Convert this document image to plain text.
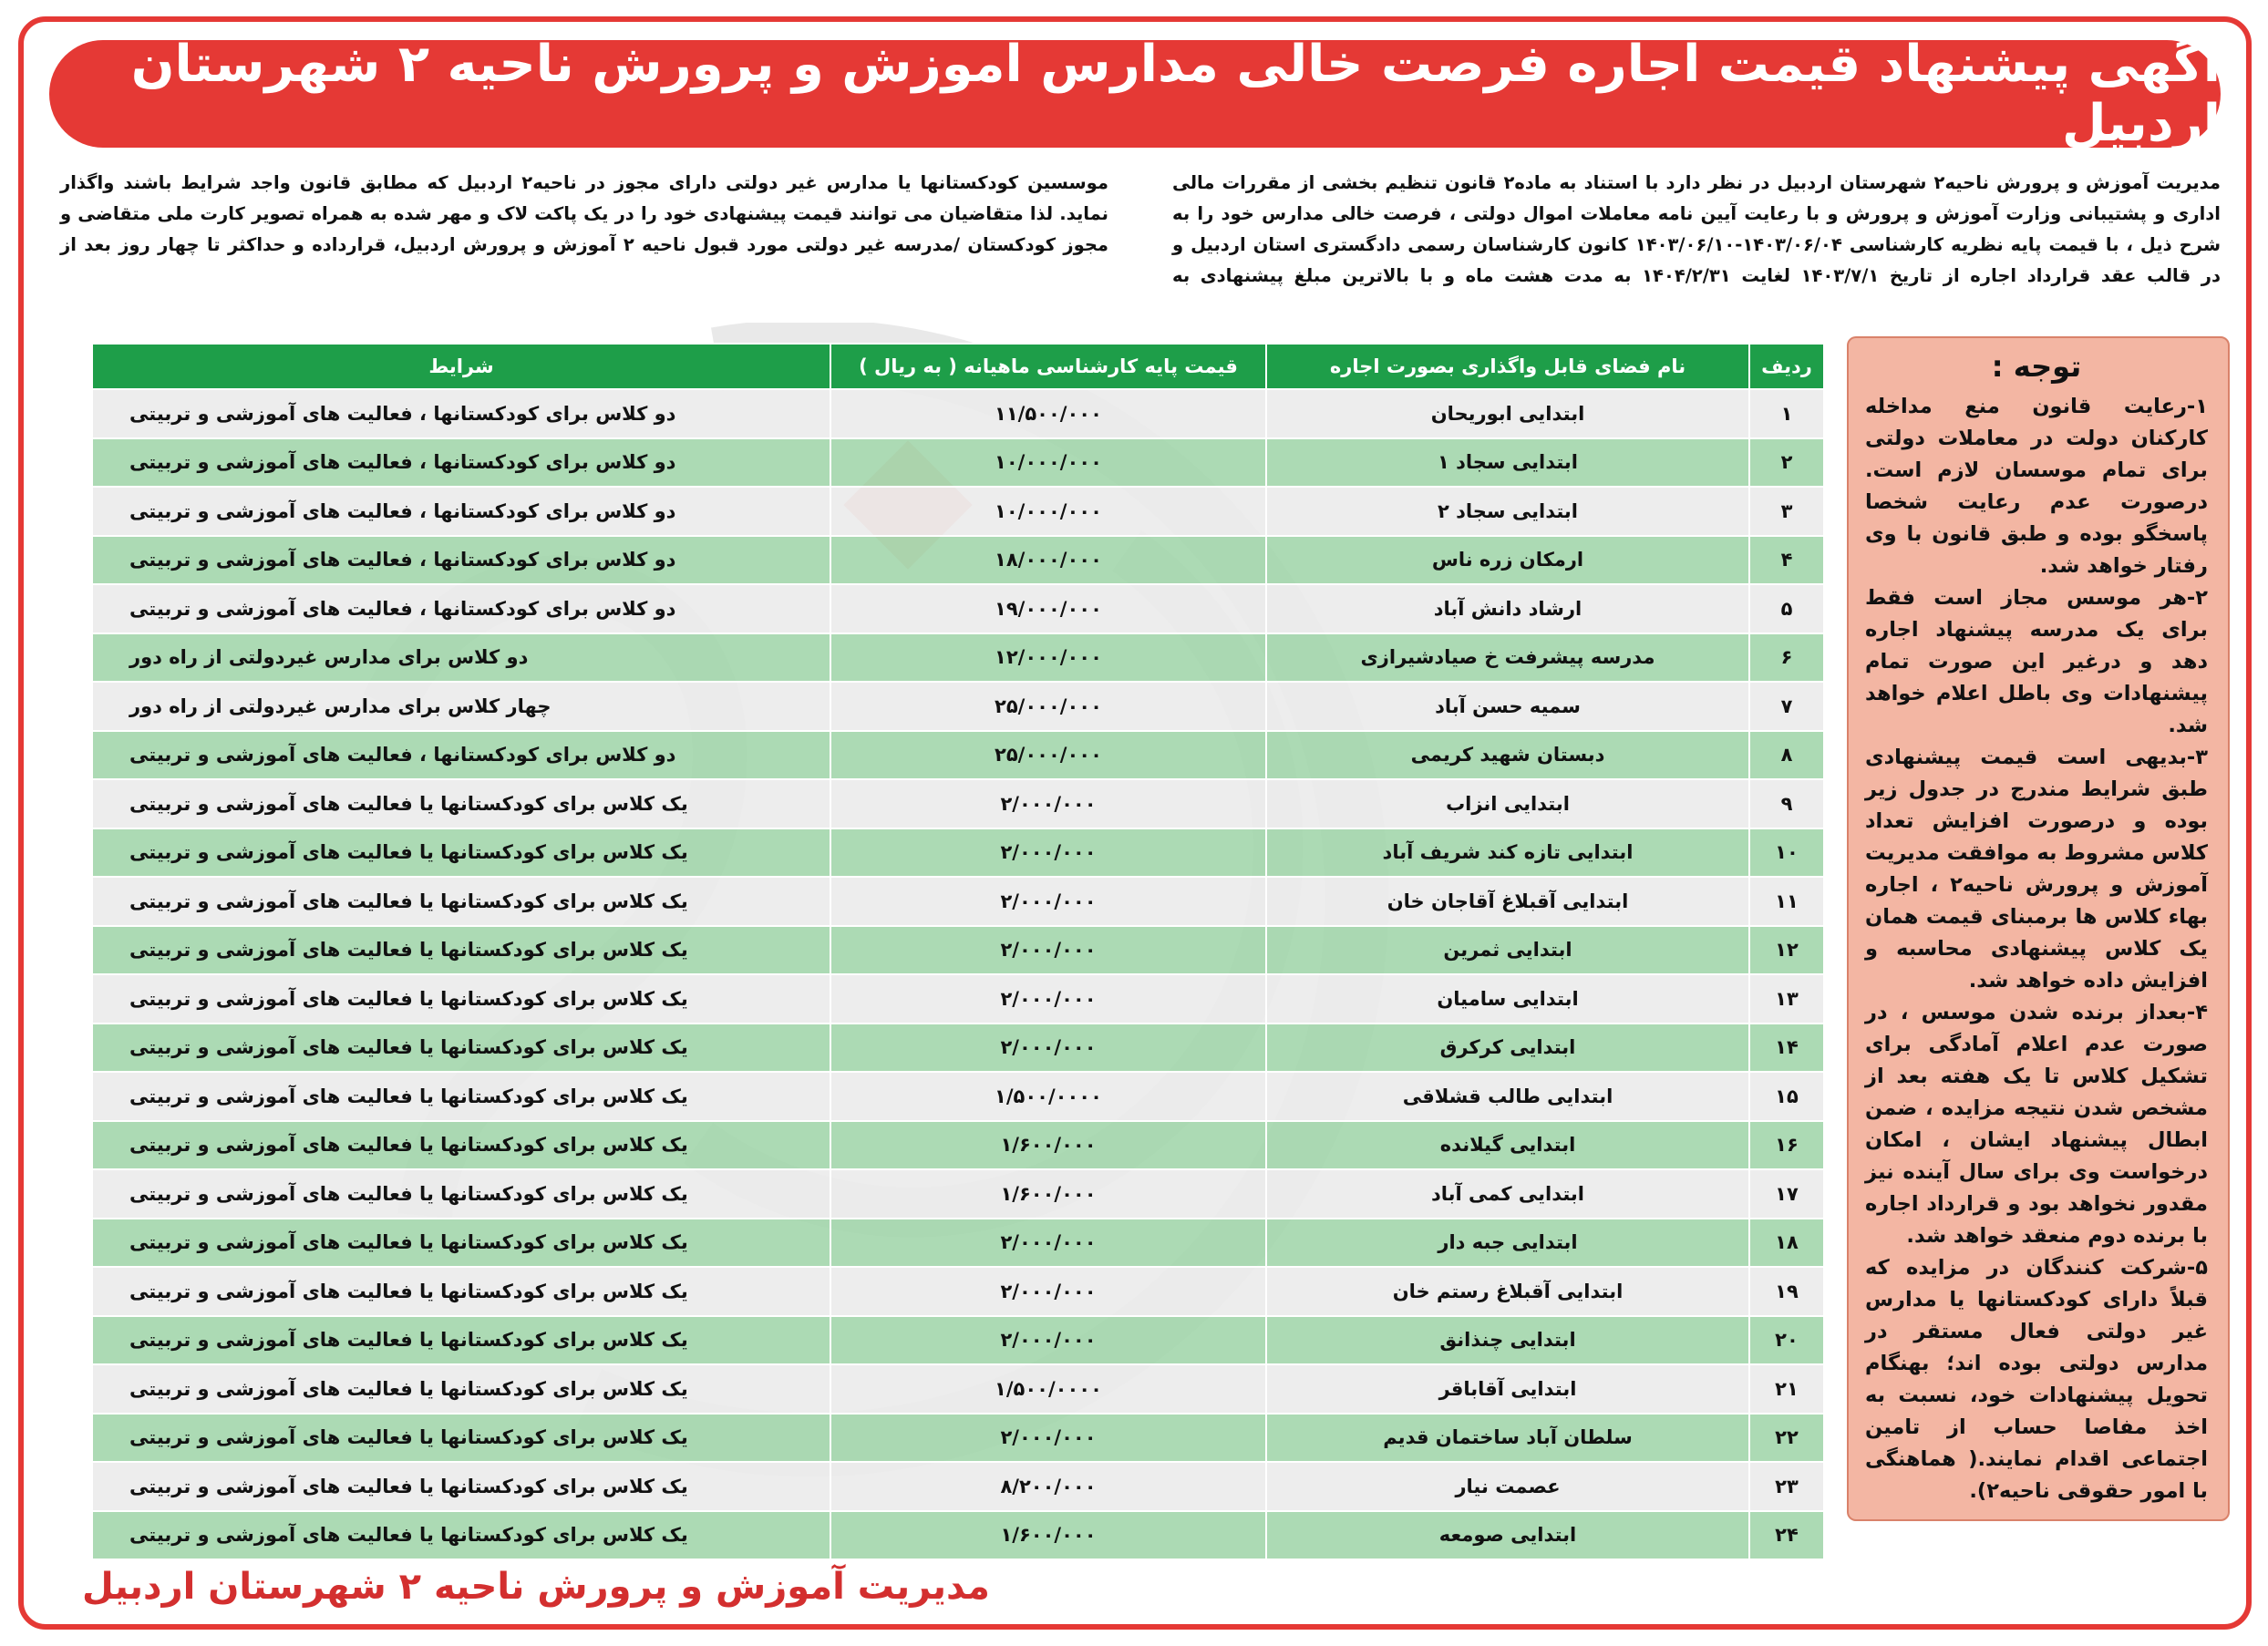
آگهی پیشنهاد قیمت اجاره فرصت خالی مدارس آموزش و پرورش ناحیه ۲ شهرستان اردبیل
مدیریت آموزش و پرورش ناحیه۲ شهرستان اردبیل در نظر دارد با استناد به ماده۲ قانون تنظیم بخشی از مقررات مالی اداری و پشتیبانی وزارت آموزش و پرورش و با رعایت آیین نامه معاملات اموال دولتی ، فرصت خالی مدارس خود را به شرح ذیل ، با قیمت پایه نظریه کارشناسی ۱۴۰۳/۰۶/۰۴-۱۴۰۳/۰۶/۱۰ کانون کارشناسان رسمی دادگستری استان اردبیل و در قالب عقد قرارداد اجاره از تاریخ ۱۴۰۳/۷/۱ لغایت ۱۴۰۴/۲/۳۱ به مدت هشت ماه و با بالاترین مبلغ پیشنهادی به موسسین کودکستانها یا مدارس غیر دولتی دارای مجوز در ناحیه۲ اردبیل که مطابق قانون واجد شرایط باشند واگذار نماید. لذا متقاضیان می توانند قیمت پیشنهادی خود را در یک پاکت لاک و مهر شده به همراه تصویر کارت ملی متقاضی و مجوز کودکستان /مدرسه غیر دولتی مورد قبول ناحیه ۲ آموزش و پرورش اردبیل، قرارداده و حداکثر تا چهار روز بعد از
توجه :
۱-رعایت قانون منع مداخله کارکنان دولت در معاملات دولتی برای تمام موسسان لازم است. درصورت عدم رعایت شخصا پاسخگو بوده و طبق قانون با وی رفتار خواهد شد.
۲-هر موسس مجاز است فقط برای یک مدرسه پیشنهاد اجاره دهد و درغیر این صورت تمام پیشنهادات وی باطل اعلام خواهد شد.
۳-بدیهی است قیمت پیشنهادی طبق شرایط مندرج در جدول زیر بوده و درصورت افزایش تعداد کلاس مشروط به موافقت مدیریت آموزش و پرورش ناحیه۲ ، اجاره بهاء کلاس ها برمبنای قیمت همان یک کلاس پیشنهادی محاسبه و افزایش داده خواهد شد.
۴-بعداز برنده شدن موسس ، در صورت عدم اعلام آمادگی برای تشکیل کلاس تا یک هفته بعد از مشخص شدن نتیجه مزایده ، ضمن ابطال پیشنهاد ایشان ، امکان درخواست وی برای سال آینده نیز مقدور نخواهد بود و قرارداد اجاره با برنده دوم منعقد خواهد شد.
۵-شرکت کنندگان در مزایده که قبلاً دارای کودکستانها یا مدارس غیر دولتی فعال مستقر در مدارس دولتی بوده اند؛ بهنگام تحویل پیشنهادات خود، نسبت به اخذ مفاصا حساب از تامین اجتماعی اقدام نمایند.( هماهنگی با امور حقوقی ناحیه۲).
ردیف	نام فضای قابل واگذاری بصورت اجاره	قیمت پایه کارشناسی ماهیانه ( به ریال )	شرایط
۱	ابتدایی ابوریحان	۱۱/۵۰۰/۰۰۰	دو کلاس برای کودکستانها ، فعالیت های آموزشی و تربیتی
۲	ابتدایی سجاد ۱	۱۰/۰۰۰/۰۰۰	دو کلاس برای کودکستانها ، فعالیت های آموزشی و تربیتی
۳	ابتدایی سجاد ۲	۱۰/۰۰۰/۰۰۰	دو کلاس برای کودکستانها ، فعالیت های آموزشی و تربیتی
۴	ارمکان زره ناس	۱۸/۰۰۰/۰۰۰	دو کلاس برای کودکستانها ، فعالیت های آموزشی و تربیتی
۵	ارشاد دانش آباد	۱۹/۰۰۰/۰۰۰	دو کلاس برای کودکستانها ، فعالیت های آموزشی و تربیتی
۶	مدرسه پیشرفت خ صیادشیرازی	۱۲/۰۰۰/۰۰۰	دو کلاس برای مدارس غیردولتی از راه دور
۷	سمیه حسن آباد	۲۵/۰۰۰/۰۰۰	چهار کلاس برای مدارس غیردولتی از راه دور
۸	دبستان شهید کریمی	۲۵/۰۰۰/۰۰۰	دو کلاس برای کودکستانها ، فعالیت های آموزشی و تربیتی
۹	ابتدایی انزاب	۲/۰۰۰/۰۰۰	یک کلاس برای کودکستانها یا فعالیت های آموزشی و تربیتی
۱۰	ابتدایی تازه کند شریف آباد	۲/۰۰۰/۰۰۰	یک کلاس برای کودکستانها یا فعالیت های آموزشی و تربیتی
۱۱	ابتدایی آقبلاغ آقاجان خان	۲/۰۰۰/۰۰۰	یک کلاس برای کودکستانها یا فعالیت های آموزشی و تربیتی
۱۲	ابتدایی ثمرین	۲/۰۰۰/۰۰۰	یک کلاس برای کودکستانها یا فعالیت های آموزشی و تربیتی
۱۳	ابتدایی سامیان	۲/۰۰۰/۰۰۰	یک کلاس برای کودکستانها یا فعالیت های آموزشی و تربیتی
۱۴	ابتدایی کرکرق	۲/۰۰۰/۰۰۰	یک کلاس برای کودکستانها یا فعالیت های آموزشی و تربیتی
۱۵	ابتدایی طالب قشلاقی	۱/۵۰۰/۰۰۰۰	یک کلاس برای کودکستانها یا فعالیت های آموزشی و تربیتی
۱۶	ابتدایی گیلانده	۱/۶۰۰/۰۰۰	یک کلاس برای کودکستانها یا فعالیت های آموزشی و تربیتی
۱۷	ابتدایی کمی آباد	۱/۶۰۰/۰۰۰	یک کلاس برای کودکستانها یا فعالیت های آموزشی و تربیتی
۱۸	ابتدایی جبه دار	۲/۰۰۰/۰۰۰	یک کلاس برای کودکستانها یا فعالیت های آموزشی و تربیتی
۱۹	ابتدایی آقبلاغ رستم خان	۲/۰۰۰/۰۰۰	یک کلاس برای کودکستانها یا فعالیت های آموزشی و تربیتی
۲۰	ابتدایی چنذانق	۲/۰۰۰/۰۰۰	یک کلاس برای کودکستانها یا فعالیت های آموزشی و تربیتی
۲۱	ابتدایی آقاباقر	۱/۵۰۰/۰۰۰۰	یک کلاس برای کودکستانها یا فعالیت های آموزشی و تربیتی
۲۲	سلطان آباد ساختمان قدیم	۲/۰۰۰/۰۰۰	یک کلاس برای کودکستانها یا فعالیت های آموزشی و تربیتی
۲۳	عصمت نیار	۸/۲۰۰/۰۰۰	یک کلاس برای کودکستانها یا فعالیت های آموزشی و تربیتی
۲۴	ابتدایی صومعه	۱/۶۰۰/۰۰۰	یک کلاس برای کودکستانها یا فعالیت های آموزشی و تربیتی
مدیریت آموزش و پرورش ناحیه ۲ شهرستان اردبیل
